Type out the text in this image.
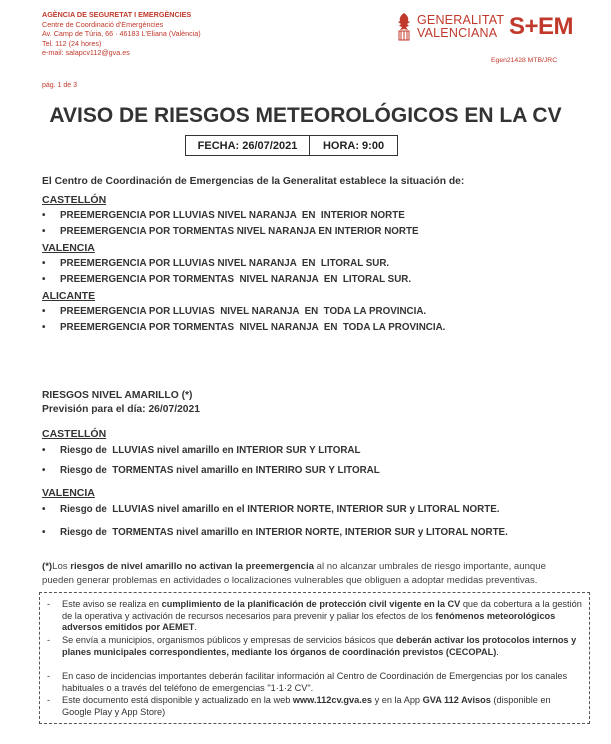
AGÈNCIA DE SEGURETAT I EMERGÈNCIES
Centre de Coordinació d'Emergències
Av. Camp de Túria, 66 · 46183 L'Eliana (València)
Tel. 112 (24 hores)
e-mail: salapcv112@gva.es
GENERALITAT
VALENCIANA S+EM
Egen21428 MTB/JRC
pág. 1 de 3
AVISO DE RIESGOS METEOROLÓGICOS EN LA CV
FECHA: 26/07/2021	HORA: 9:00
El Centro de Coordinación de Emergencias de la Generalitat establece la situación de:
CASTELLÓN
• PREEMERGENCIA POR LLUVIAS NIVEL NARANJA  EN  INTERIOR NORTE
• PREEMERGENCIA POR TORMENTAS NIVEL NARANJA EN INTERIOR NORTE
VALENCIA
• PREEMERGENCIA POR LLUVIAS NIVEL NARANJA  EN  LITORAL SUR.
• PREEMERGENCIA POR TORMENTAS  NIVEL NARANJA  EN  LITORAL SUR.
ALICANTE
• PREEMERGENCIA POR LLUVIAS  NIVEL NARANJA  EN  TODA LA PROVINCIA.
• PREEMERGENCIA POR TORMENTAS  NIVEL NARANJA  EN  TODA LA PROVINCIA.
RIESGOS NIVEL AMARILLO (*)
Previsión para el día: 26/07/2021
CASTELLÓN
• Riesgo de  LLUVIAS nivel amarillo en INTERIOR SUR Y LITORAL
• Riesgo de  TORMENTAS nivel amarillo en INTERIRO SUR Y LITORAL
VALENCIA
• Riesgo de  LLUVIAS nivel amarillo en el INTERIOR NORTE, INTERIOR SUR y LITORAL NORTE.
• Riesgo de  TORMENTAS nivel amarillo en INTERIOR NORTE, INTERIOR SUR y LITORAL NORTE.
(*)Los riesgos de nivel amarillo no activan la preemergencia al no alcanzar umbrales de riesgo importante, aunque pueden generar problemas en actividades o localizaciones vulnerables que obliguen a adoptar medidas preventivas.
- Este aviso se realiza en cumplimiento de la planificación de protección civil vigente en la CV que da cobertura a la gestión de la operativa y activación de recursos necesarios para prevenir y paliar los efectos de los fenómenos meteorológicos adversos emitidos por AEMET.
- Se envía a municipios, organismos públicos y empresas de servicios básicos que deberán activar los protocolos internos y planes municipales correspondientes, mediante los órganos de coordinación previstos (CECOPAL).
- En caso de incidencias importantes deberán facilitar información al Centro de Coordinación de Emergencias por los canales habituales o a través del teléfono de emergencias "1·1·2 CV".
- Este documento está disponible y actualizado en la web www.112cv.gva.es y en la App GVA 112 Avisos (disponible en Google Play y App Store)
